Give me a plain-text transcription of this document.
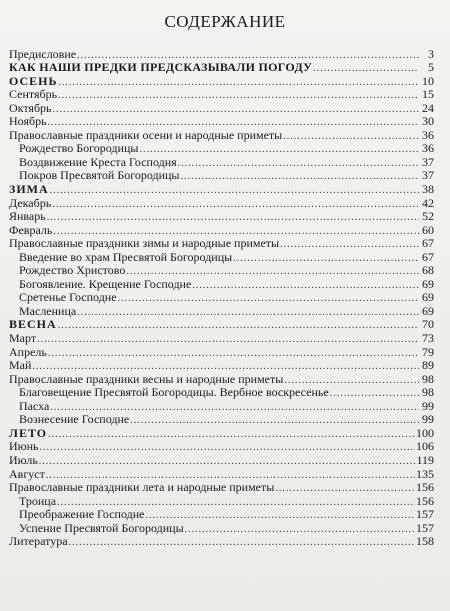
СОДЕРЖАНИЕ
Предисловие .....	3
КАК НАШИ ПРЕДКИ ПРЕДСКАЗЫВАЛИ ПОГОДУ .....	5
ОСЕНЬ .....	10
Сентябрь .....	15
Октябрь .....	24
Ноябрь .....	30
Православные праздники осени и народные приметы .....	36
Рождество Богородицы .....	36
Воздвижение Креста Господня .....	37
Покров Пресвятой Богородицы .....	37
ЗИМА .....	38
Декабрь .....	42
Январь .....	52
Февраль .....	60
Православные праздники зимы и народные приметы .....	67
Введение во храм Пресвятой Богородицы .....	67
Рождество Христово .....	68
Богоявление. Крещение Господне .....	69
Сретенье Господне .....	69
Масленица .....	69
ВЕСНА .....	70
Март .....	73
Апрель .....	79
Май .....	89
Православные праздники весны и народные приметы .....	98
Благовещение Пресвятой Богородицы. Вербное воскресенье .....	98
Пасха .....	99
Вознесение Господне .....	99
ЛЕТО .....	100
Июнь .....	106
Июль .....	119
Август .....	135
Православные праздники лета и народные приметы .....	156
Троица .....	156
Преображение Господне .....	157
Успение Пресвятой Богородицы .....	157
Литература .....	158
